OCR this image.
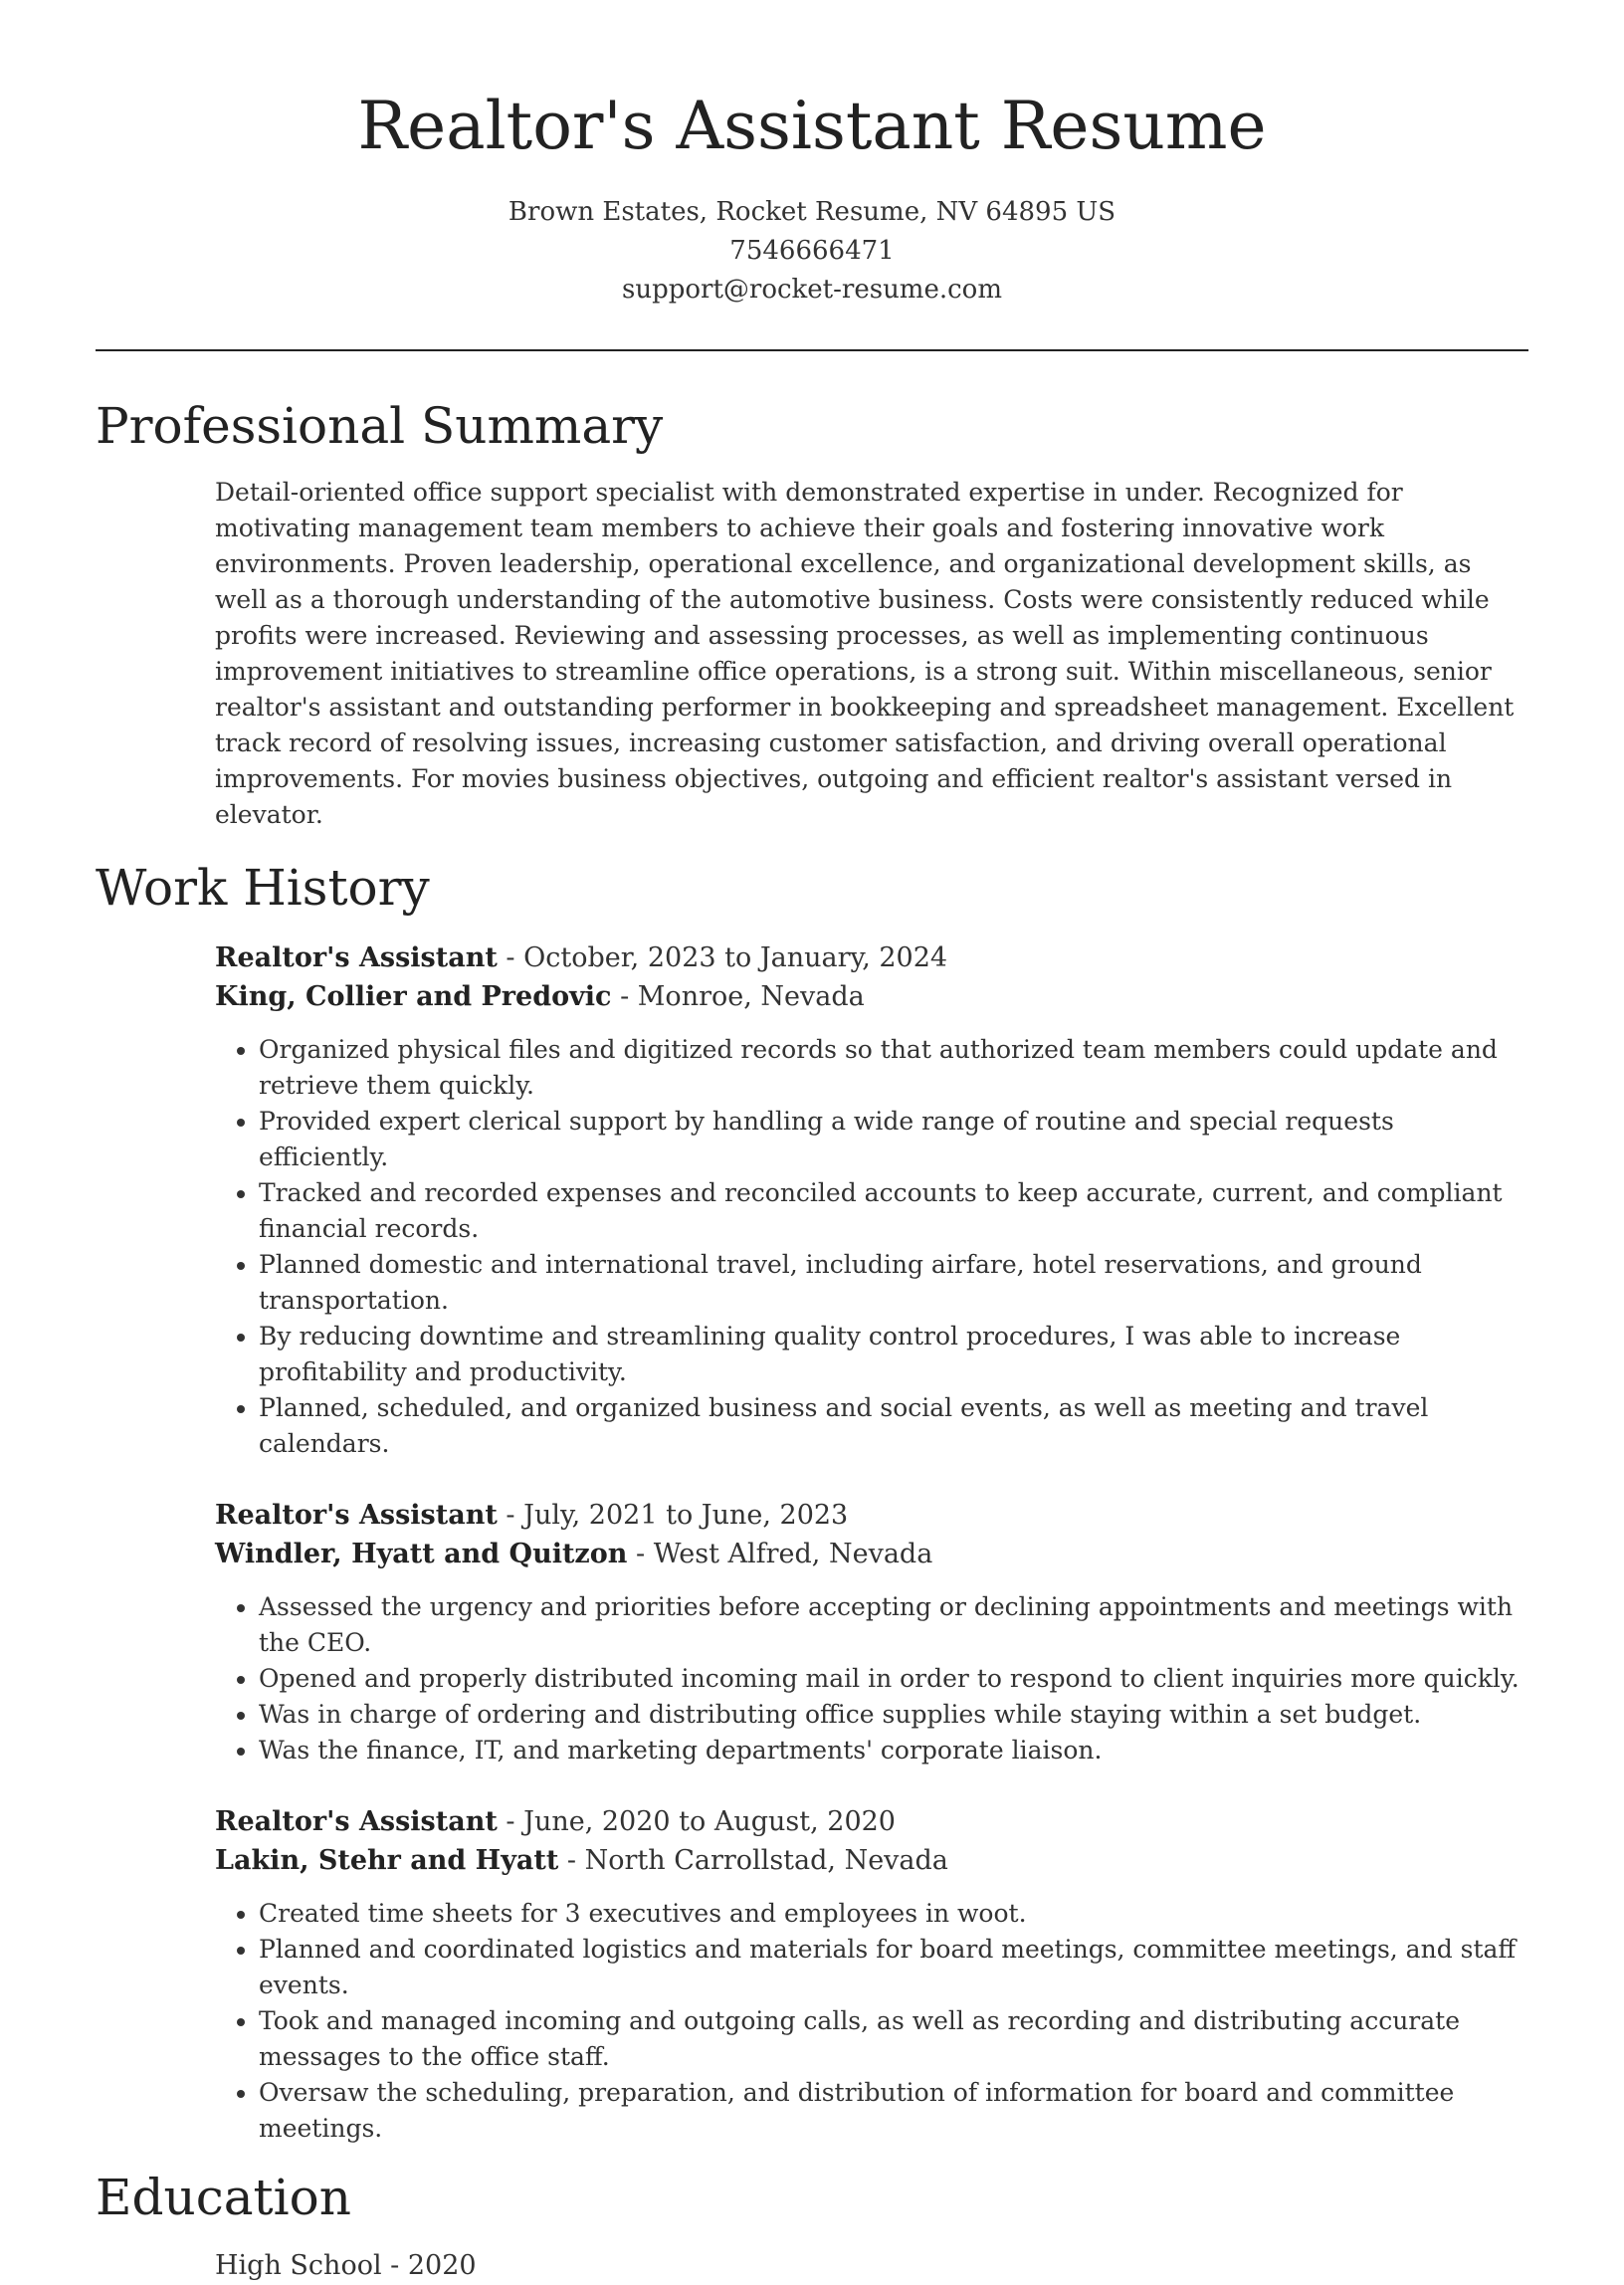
Realtor's Assistant Resume
Brown Estates, Rocket Resume, NV 64895 US
7546666471
support@rocket-resume.com
Professional Summary

Detail-oriented office support specialist with demonstrated expertise in under. Recognized for motivating management team members to achieve their goals and fostering innovative work environments. Proven leadership, operational excellence, and organizational development skills, as well as a thorough understanding of the automotive business. Costs were consistently reduced while profits were increased. Reviewing and assessing processes, as well as implementing continuous improvement initiatives to streamline office operations, is a strong suit. Within miscellaneous, senior realtor's assistant and outstanding performer in bookkeeping and spreadsheet management. Excellent track record of resolving issues, increasing customer satisfaction, and driving overall operational improvements. For movies business objectives, outgoing and efficient realtor's assistant versed in elevator.

Work History
Realtor's Assistant - October, 2023 to January, 2024
King, Collier and Predovic - Monroe, Nevada
• Organized physical files and digitized records so that authorized team members could update and retrieve them quickly.
• Provided expert clerical support by handling a wide range of routine and special requests efficiently.
• Tracked and recorded expenses and reconciled accounts to keep accurate, current, and compliant financial records.
• Planned domestic and international travel, including airfare, hotel reservations, and ground transportation.
• By reducing downtime and streamlining quality control procedures, I was able to increase profitability and productivity.
• Planned, scheduled, and organized business and social events, as well as meeting and travel calendars.
Realtor's Assistant - July, 2021 to June, 2023
Windler, Hyatt and Quitzon - West Alfred, Nevada
• Assessed the urgency and priorities before accepting or declining appointments and meetings with the CEO.
• Opened and properly distributed incoming mail in order to respond to client inquiries more quickly.
• Was in charge of ordering and distributing office supplies while staying within a set budget.
• Was the finance, IT, and marketing departments' corporate liaison.
Realtor's Assistant - June, 2020 to August, 2020
Lakin, Stehr and Hyatt - North Carrollstad, Nevada
• Created time sheets for 3 executives and employees in woot.
• Planned and coordinated logistics and materials for board meetings, committee meetings, and staff events.
• Took and managed incoming and outgoing calls, as well as recording and distributing accurate messages to the office staff.
• Oversaw the scheduling, preparation, and distribution of information for board and committee meetings.
Education
High School - 2020
